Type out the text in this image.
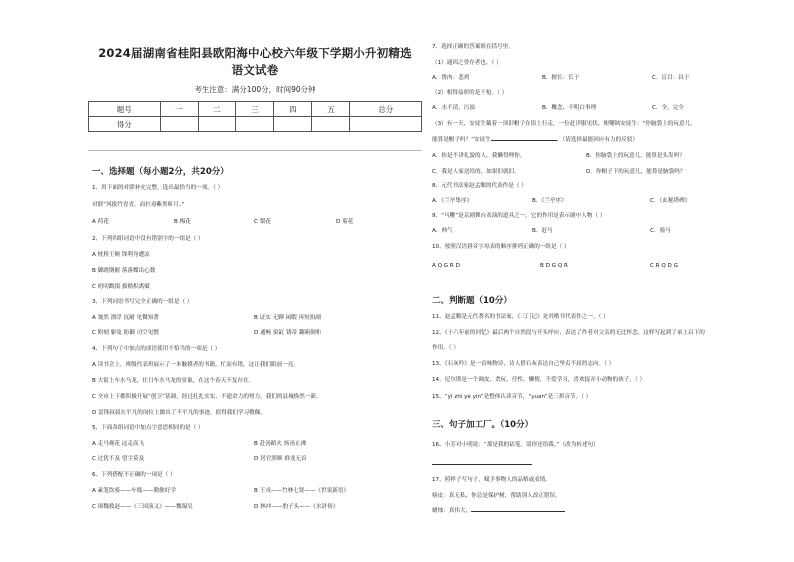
2024届湖南省桂阳县欧阳海中心校六年级下学期小升初精选
语文试卷
考生注意：满分100分，时间90分钟
题号	一	二	三	四	五	总分
得分						
一、选择题（每小题2分，共20分）
1、用下面的对联补充完整，选出最恰当的一项。（ ）
对联“风拔竹青青，而拧毒紫黑昕月。”
A 荷花	B 梅花	C 梨花	D 菊花
2、下列四组词语中没有错别字的一组是（ ）
A 枕桥王婉 锋利身遭凉
B 御跷钢催 落落蝶出心数
C 叨叨戳掇 拔拗积离赋
3、下列词语书写完全正确的一组是（ ）
A 皱然 漂浮 沉耐 见微知著	B 证实 无聊 闲暇 再短扭副
C 附刻 躯兔 防御 司空见惯	D 通畅 染缸 锈蒂 翻箱倒柜
4、下列句子中加点的成语使用不恰当的一项是（ ）
A 读书会上，班级代表班展示了一本触摸者的书籍，忙而有错，这让我们眼前一亮。
B 大街上车水马龙，往日车水马龙的景象，在这个春天不复存在。
C 全市上下都积极开展“创卫”基调，经过扎扎实实、不遗余力的努力，我们的县城焕然一新。
D 雷锋叔叔在平凡的岗位上做出了不平凡的事迹，值得我们学习敬佩。
5、下面各组词语中加点字意思相同的是（ ）
A 走马观花 远走高飞	B 赴汤蹈火 扬汤止沸
C 过犹不及 望尘莫及	D 居官照顾 群龙无首
6、下列搭配不正确的一项是（ ）
A 素笼饮骑——车胤——勤敏好学	B 王戎——竹林七贤——《世说新语》
C 围魏救赵——《三国演义》——魏蜀吴	D 林冲——豹子头——《水浒传》
7、选择正确的答案填在括号里。
（1）通因之誉存者也。（ ）
A．鲁肉：悲鸡	B．擅长：长于	C．盲目：昌于
（2）相得益彰的是干枪。（ ）
A．水不清，污浊	B．概念，不明白事理	C．全，完全
（3）有一天，安徒生戴着一顶旧帽子在街上行走，一位赶洋服见状，便嘲讽安徒生：“你脑袋上的玩意儿，
能算是帽子吗？”安徒生	，（请选择最能回应有力的反驳）
A．你是不讲礼貌的人，我懒得理你。	B．你脑袋上的玩意儿，能算是头发吗？
C．我是人家送给的，如果旧就旧。	D．你帽子下的玩意儿，能算是脑袋吗？
8、元代书法家赵孟頫的代表作是（ ）
A．《兰亭集序》	B．《兰亭序》	C．《玄秘塔碑》
9、“马鞭”是京剧舞台表演的道具之一，它的作用是表示剧中人物（ ）
A．帅气	B．赶马	C．骑马
10、按照汉语拼音字母表的顺序排列正确的一组是（ ）
A Q G R D	B D G Q R	C R Q D G
二、判断题（10分）
11、赵孟頫是元代著名的书法家，《三门记》是其楷书代表作之一。（ ）
12、《十六年前的回忆》最后两个自然段与开头呼应，表达了作者对父亲的无比怀念，这样写起到了承上启下的
作用。（ ）
13、《石灰吟》是一首咏物诗，诗人借石灰表达自己坚贞不屈的志向。（ ）
14、尼尔斯是一个调皮、贪玩、任性、懒惰，不爱学习，喜欢捉弄小动物的孩子。（ ）
15、“yī zhì yè yìn”是整体认读音节，“yuan”是三拼音节。（ ）
三、句子加工厂。（10分）
16、小芳对小明说：“那是我的钴笔，请你还给我。”（改为转述句）
17、照样子写句子，赋予事物人的品格或表情。
榜皮：真无私，你总是保护树，帮助别人改正错误。
蜡烛：真伟大，
